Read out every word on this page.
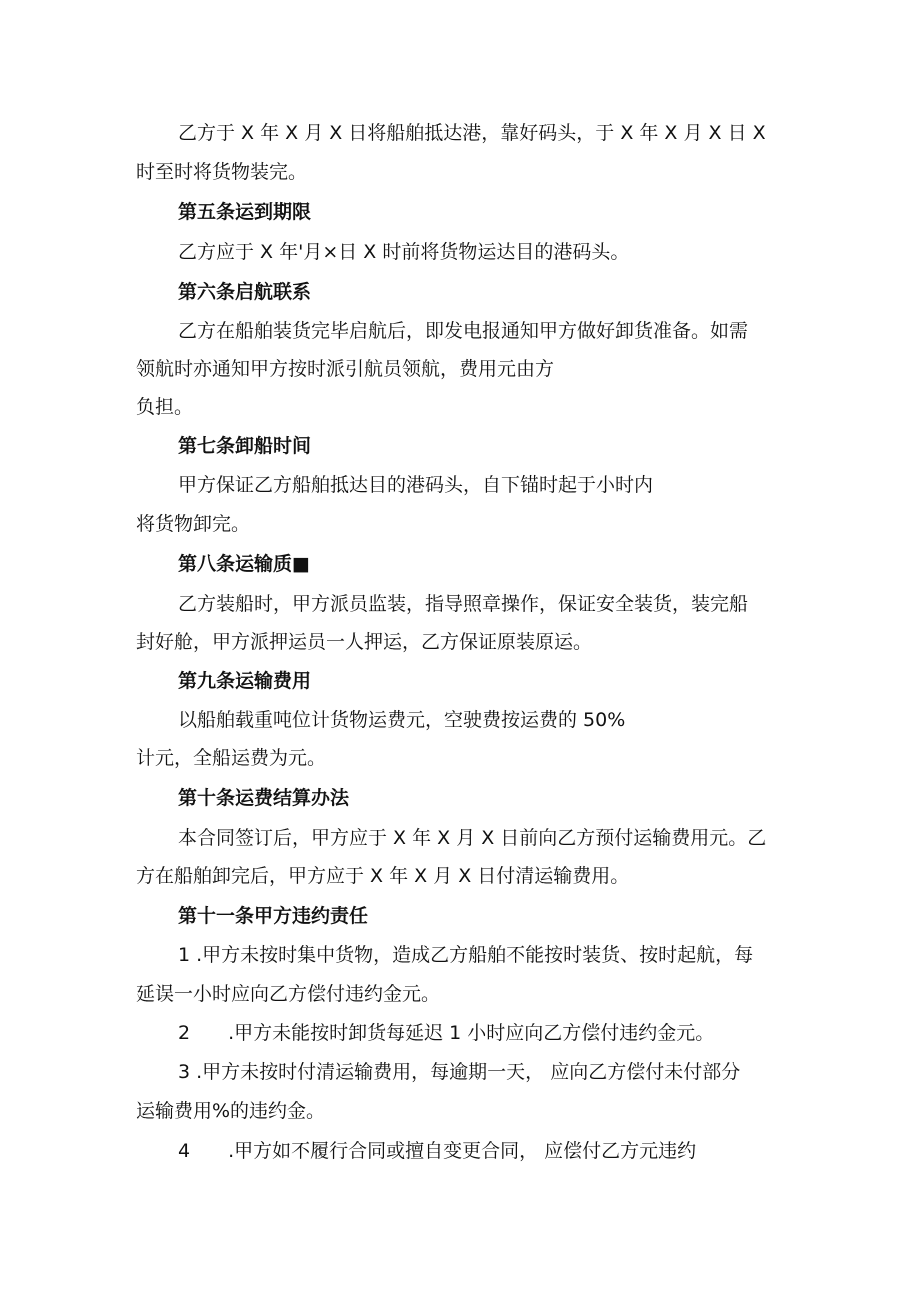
乙方于 X 年 X 月 X 日将船舶抵达港，靠好码头，于 X 年 X 月 X 日 X
时至时将货物装完。
第五条运到期限
乙方应于 X 年'月×日 X 时前将货物运达目的港码头。
第六条启航联系
乙方在船舶装货完毕启航后，即发电报通知甲方做好卸货准备。如需
领航时亦通知甲方按时派引航员领航，费用元由方
负担。
第七条卸船时间
甲方保证乙方船舶抵达目的港码头，自下锚时起于小时内
将货物卸完。
第八条运输质■
乙方装船时，甲方派员监装，指导照章操作，保证安全装货，装完船
封好舱，甲方派押运员一人押运，乙方保证原装原运。
第九条运输费用
以船舶载重吨位计货物运费元，空驶费按运费的 50%
计元，全船运费为元。
第十条运费结算办法
本合同签订后，甲方应于 X 年 X 月 X 日前向乙方预付运输费用元。乙
方在船舶卸完后，甲方应于 X 年 X 月 X 日付清运输费用。
第十一条甲方违约责任
1 .甲方未按时集中货物，造成乙方船舶不能按时装货、按时起航，每
延误一小时应向乙方偿付违约金元。
2　　.甲方未能按时卸货每延迟 1 小时应向乙方偿付违约金元。
3 .甲方未按时付清运输费用，每逾期一天， 应向乙方偿付未付部分
运输费用%的违约金。
4　　.甲方如不履行合同或擅自变更合同， 应偿付乙方元违约
